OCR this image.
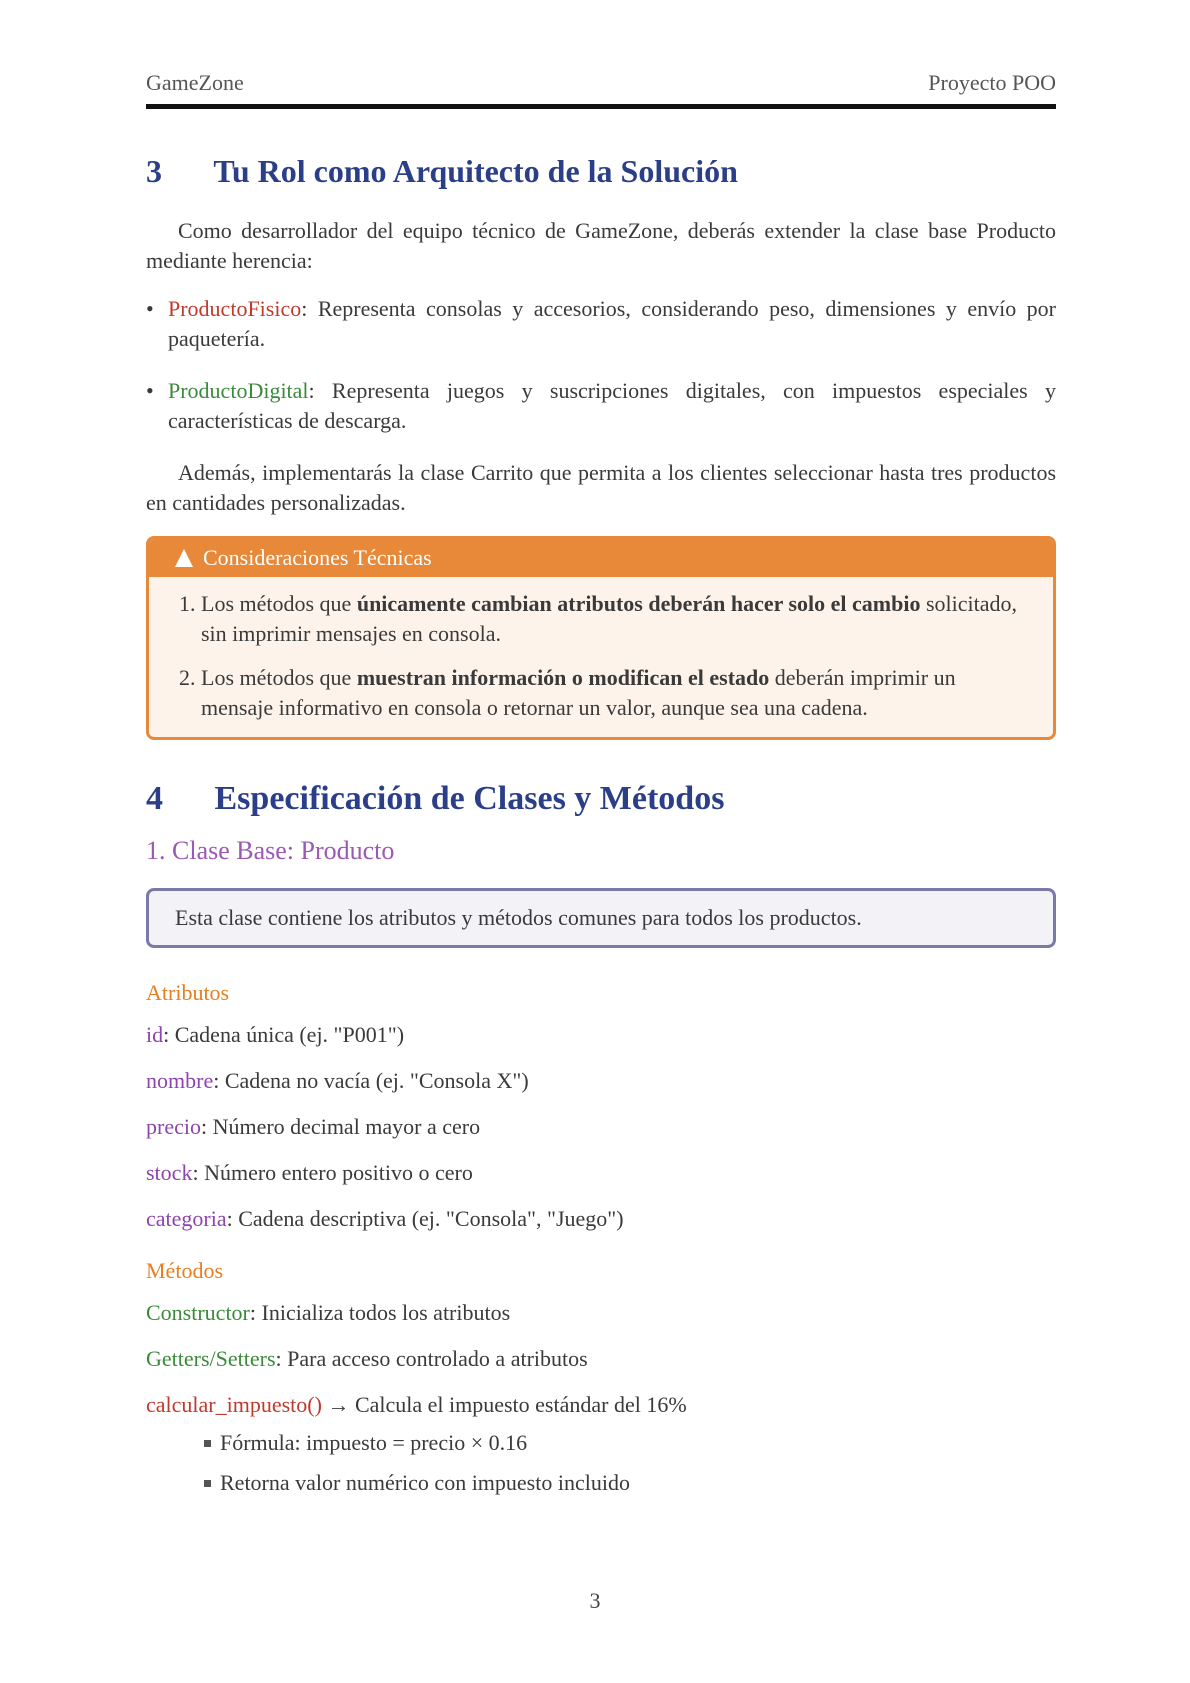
GameZone	Proyecto POO
3 Tu Rol como Arquitecto de la Solución

Como desarrollador del equipo técnico de GameZone, deberás extender la clase base Producto mediante herencia:

• ProductoFisico: Representa consolas y accesorios, considerando peso, dimensiones y envío por paquetería.
• ProductoDigital: Representa juegos y suscripciones digitales, con impuestos especiales y características de descarga.

Además, implementarás la clase Carrito que permita a los clientes seleccionar hasta tres productos en cantidades personalizadas.

Consideraciones Técnicas
1. Los métodos que únicamente cambian atributos deberán hacer solo el cambio solicitado, sin imprimir mensajes en consola.
2. Los métodos que muestran información o modifican el estado deberán imprimir un mensaje informativo en consola o retornar un valor, aunque sea una cadena.
4 Especificación de Clases y Métodos
1. Clase Base: Producto
Esta clase contiene los atributos y métodos comunes para todos los productos.
Atributos
id: Cadena única (ej. "P001")
nombre: Cadena no vacía (ej. "Consola X")
precio: Número decimal mayor a cero
stock: Número entero positivo o cero
categoria: Cadena descriptiva (ej. "Consola", "Juego")
Métodos
Constructor: Inicializa todos los atributos
Getters/Setters: Para acceso controlado a atributos
calcular_impuesto() → Calcula el impuesto estándar del 16%
Fórmula: impuesto = precio × 0.16
Retorna valor numérico con impuesto incluido
3
